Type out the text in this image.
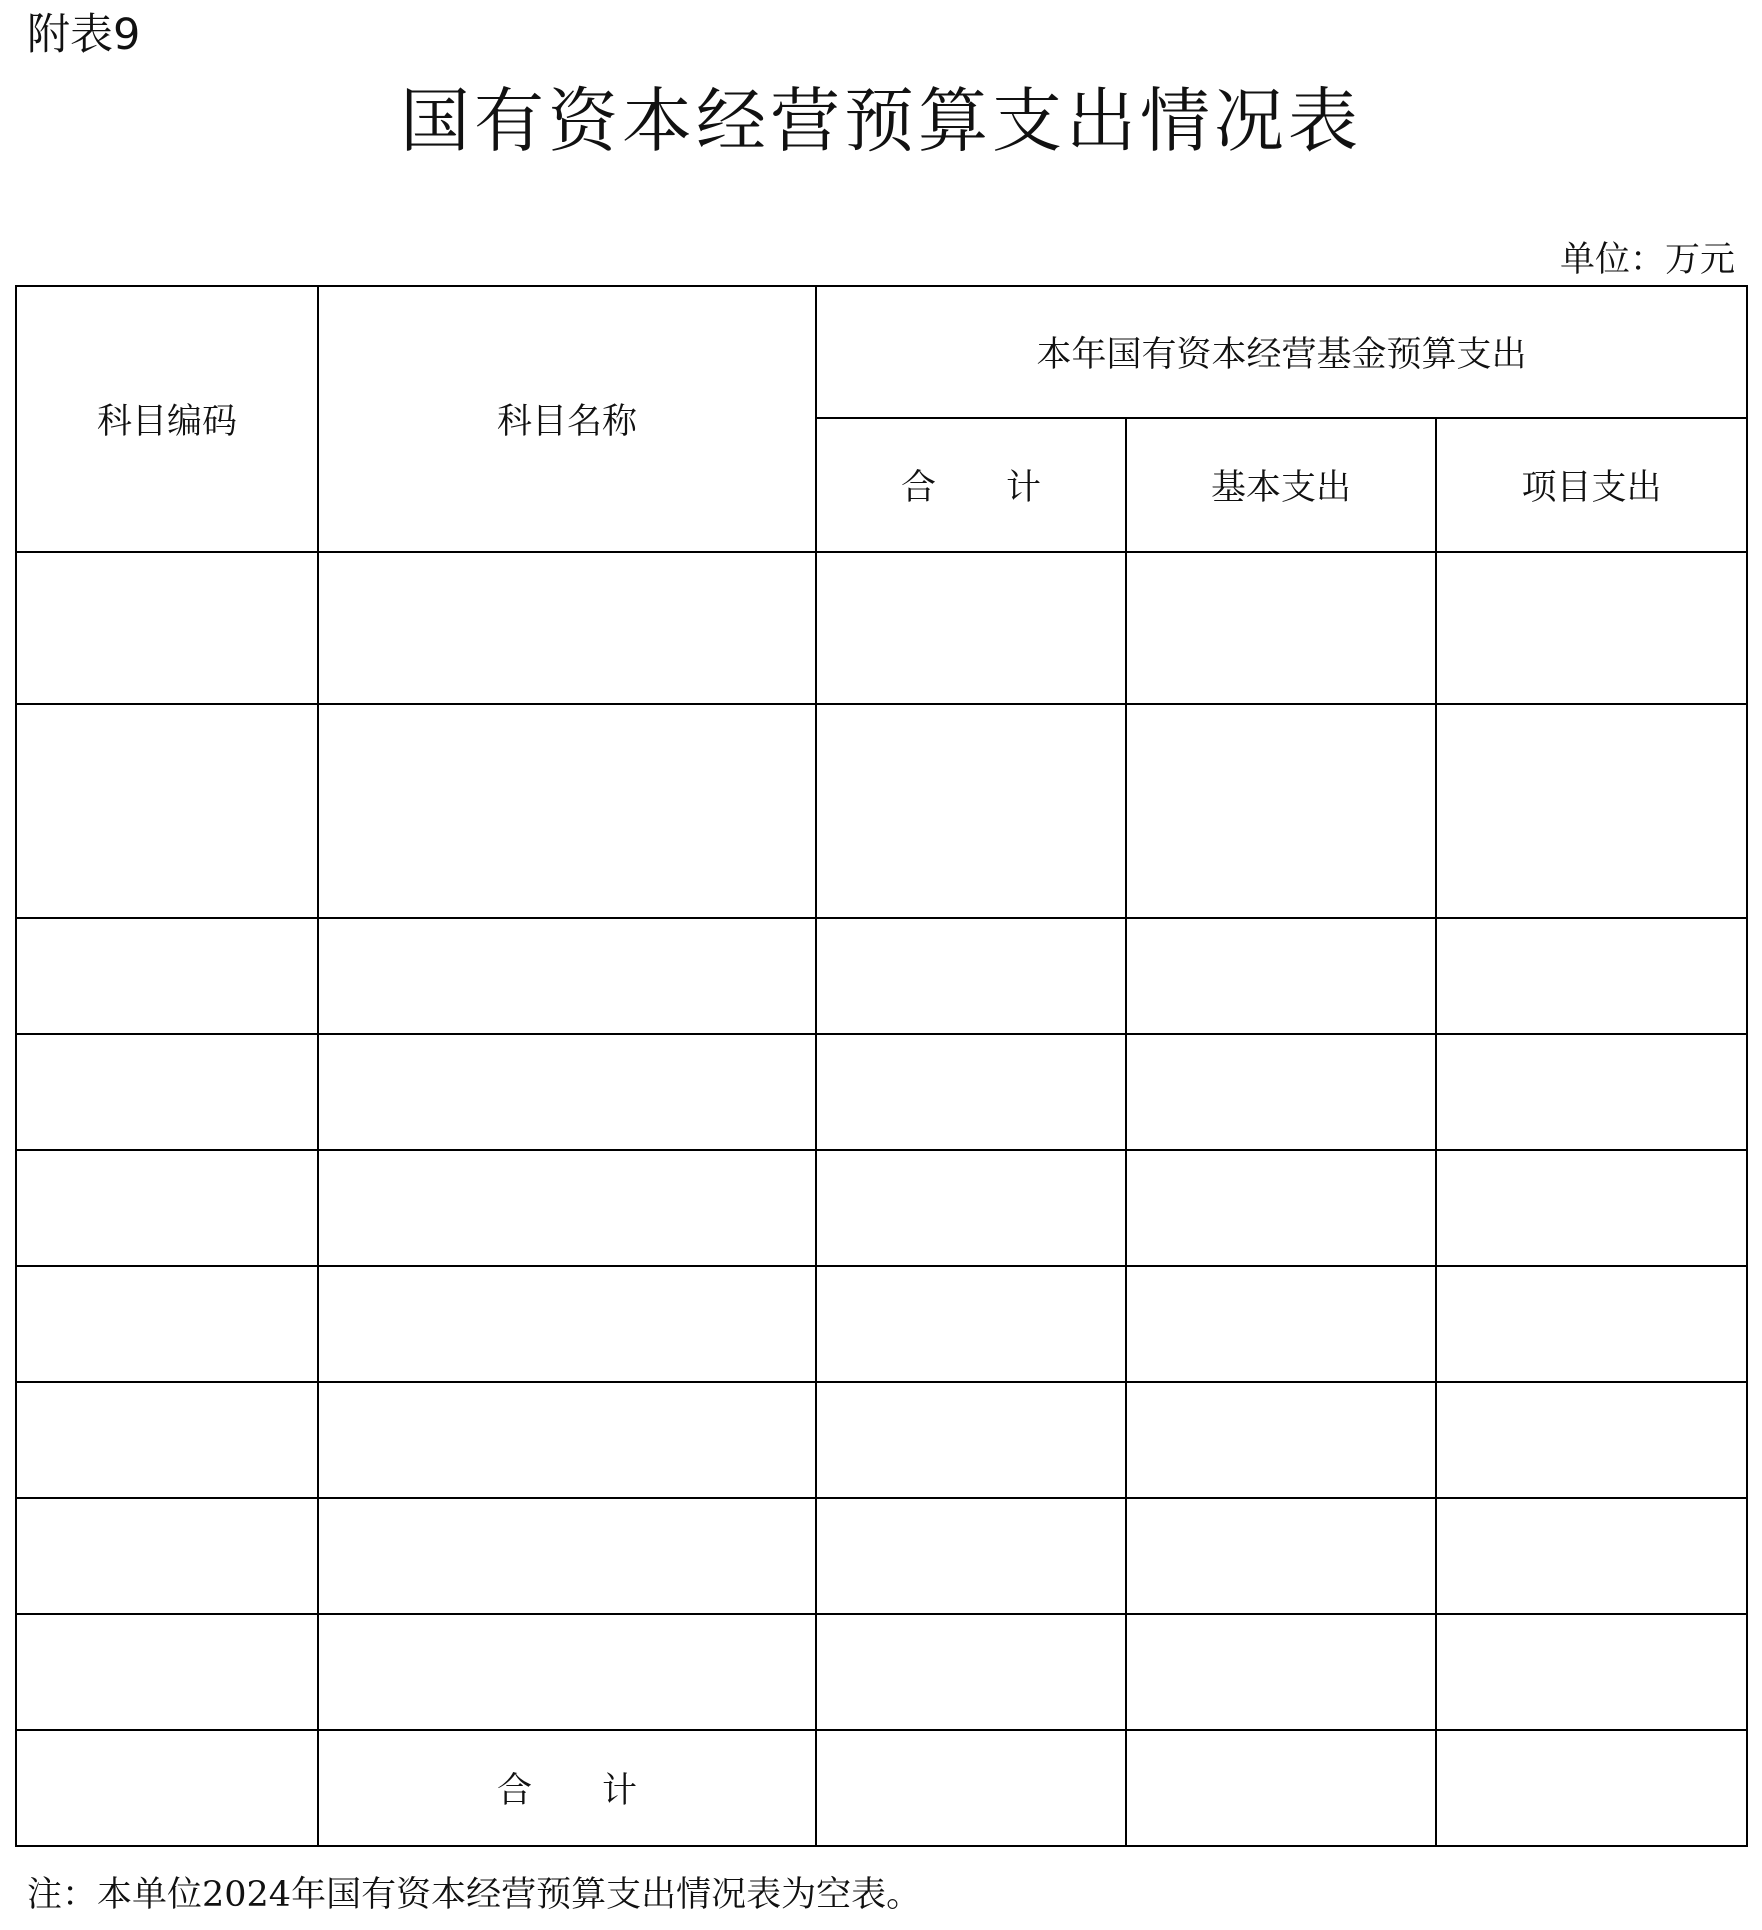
附表9
国有资本经营预算支出情况表
单位：万元
科目编码	科目名称	本年国有资本经营基金预算支出		
		合　　计	基本支出	项目支出

	合　　计			
注：本单位2024年国有资本经营预算支出情况表为空表。
